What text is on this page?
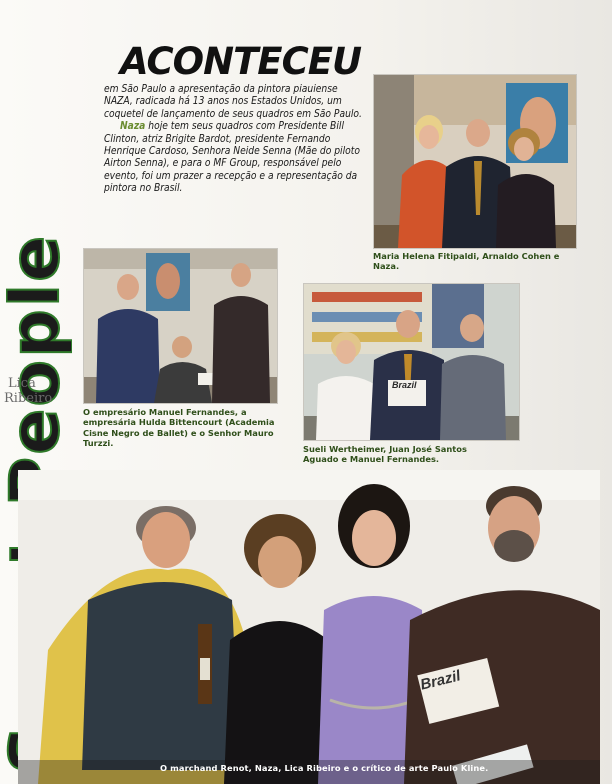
People
Lica
Ribeiro
ACONTECEU

em São Paulo a apresentação da pintora piauiense NAZA, radicada há 13 anos nos Estados Unidos, um coquetel de lançamento de seus quadros em São Paulo.

Naza hoje tem seus quadros com Presidente Bill Clinton, atriz Brigite Bardot, presidente Fernando Henrique Cardoso, Senhora Neide Senna (Mãe do piloto Airton Senna), e para o MF Group, responsável pelo evento, foi um prazer a recepção e a representação da pintora no Brasil.

Maria Helena Fitipaldi, Arnaldo Cohen e Naza.
O empresário Manuel Fernandes, a empresária Hulda Bittencourt (Academia Cisne Negro de Ballet) e o Senhor Mauro Turzzi.
Brazil
Sueli Wertheimer, Juan José Santos Aguado e Manuel Fernandes.
Brazil
O marchand Renot, Naza, Lica Ribeiro e o crítico de arte Paulo Kline.
